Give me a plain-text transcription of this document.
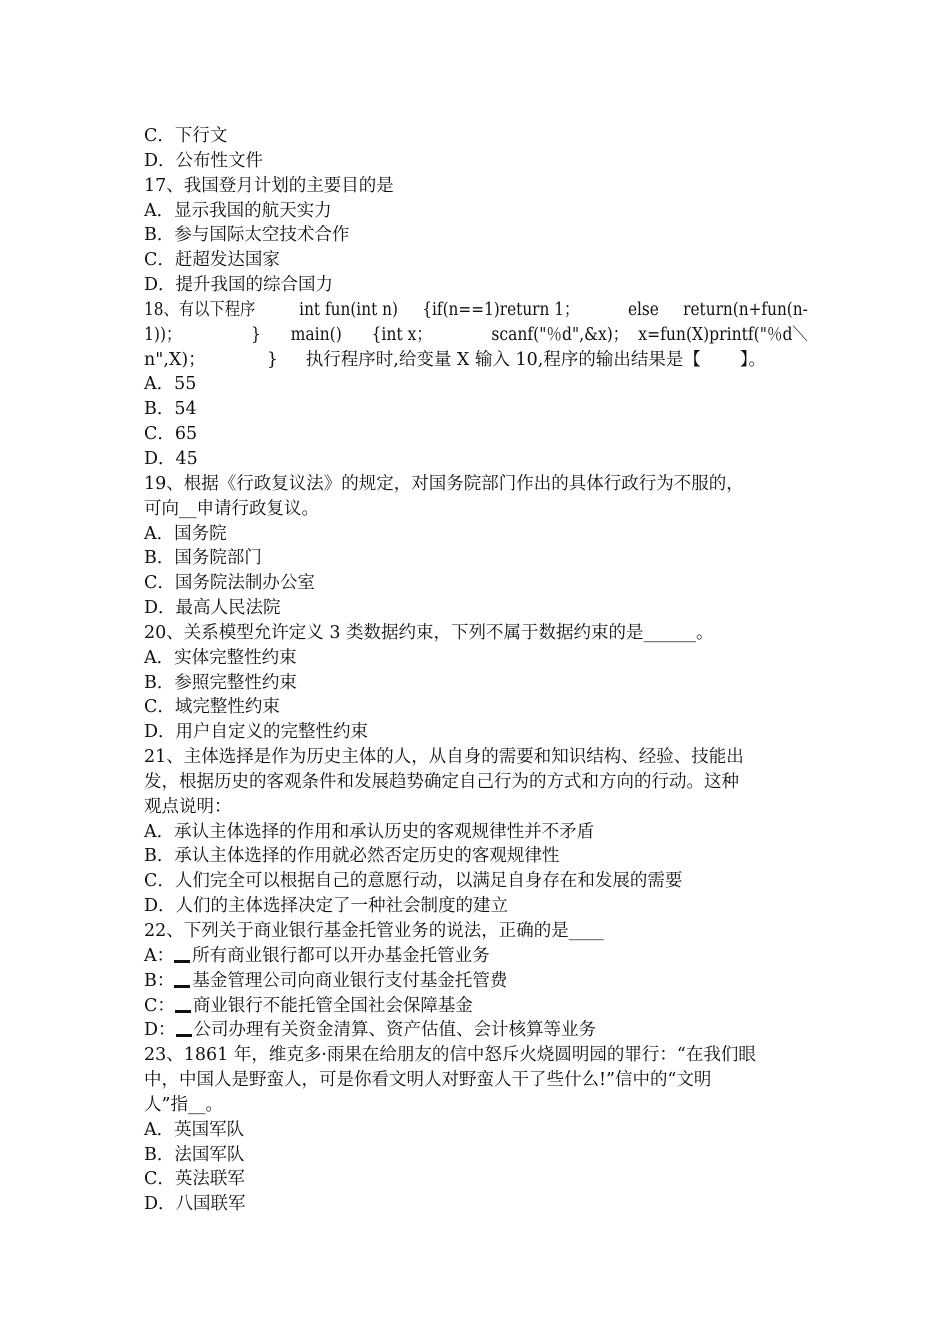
C．下行文
D．公布性文件
17、我国登月计划的主要目的是
A．显示我国的航天实力
B．参与国际太空技术合作
C．赶超发达国家
D．提升我国的综合国力
18、有以下程序         int fun(int n)     {if(n==1)return 1；          else     return(n+fun(n-
1))；              }      main()      {int x；            scanf("％d",&x)；  x=fun(X)printf("％d＼
n",X)；           }     执行程序时,给变量 X 输入 10,程序的输出结果是【       】。
A．55
B．54
C．65
D．45
19、根据《行政复议法》的规定，对国务院部门作出的具体行政行为不服的，
可向__申请行政复议。
A．国务院
B．国务院部门
C．国务院法制办公室
D．最高人民法院
20、关系模型允许定义 3 类数据约束，下列不属于数据约束的是______。
A．实体完整性约束
B．参照完整性约束
C．域完整性约束
D．用户自定义的完整性约束
21、主体选择是作为历史主体的人，从自身的需要和知识结构、经验、技能出
发，根据历史的客观条件和发展趋势确定自己行为的方式和方向的行动。这种
观点说明：
A．承认主体选择的作用和承认历史的客观规律性并不矛盾
B．承认主体选择的作用就必然否定历史的客观规律性
C．人们完全可以根据自己的意愿行动，以满足自身存在和发展的需要
D．人们的主体选择决定了一种社会制度的建立
22、下列关于商业银行基金托管业务的说法，正确的是____
A： 所有商业银行都可以开办基金托管业务
B： 基金管理公司向商业银行支付基金托管费
C： 商业银行不能托管全国社会保障基金
D： 公司办理有关资金清算、资产估值、会计核算等业务
23、1861 年，维克多·雨果在给朋友的信中怒斥火烧圆明园的罪行：“在我们眼
中，中国人是野蛮人，可是你看文明人对野蛮人干了些什么!”信中的“文明
人”指__。
A．英国军队
B．法国军队
C．英法联军
D．八国联军
